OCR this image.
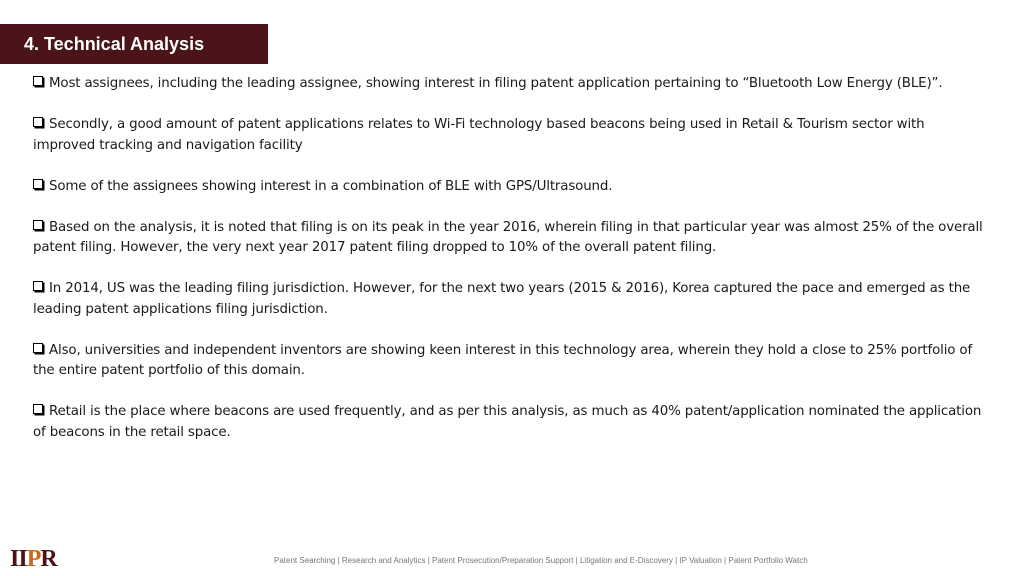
4. Technical Analysis
Most assignees, including the leading assignee, showing interest in filing patent application pertaining to “Bluetooth Low Energy (BLE)”.
Secondly, a good amount of patent applications relates to Wi-Fi technology based beacons being used in Retail & Tourism sector with improved tracking and navigation facility
Some of the assignees showing interest in a combination of BLE with GPS/Ultrasound.
Based on the analysis, it is noted that filing is on its peak in the year 2016, wherein filing in that particular year was almost 25% of the overall patent filing. However, the very next year 2017 patent filing dropped to 10% of the overall patent filing.
In 2014, US was the leading filing jurisdiction. However, for the next two years (2015 & 2016), Korea captured the pace and emerged as the leading patent applications filing jurisdiction.
Also, universities and independent inventors are showing keen interest in this technology area, wherein they hold a close to 25% portfolio of the entire patent portfolio of this domain.
Retail is the place where beacons are used frequently, and as per this analysis, as much as 40% patent/application nominated the application of beacons in the retail space.
IIPR	Patent Searching | Research and Analytics | Patent Prosecution/Preparation Support | Litigation and E-Discovery | IP Valuation | Patent Portfolio Watch
